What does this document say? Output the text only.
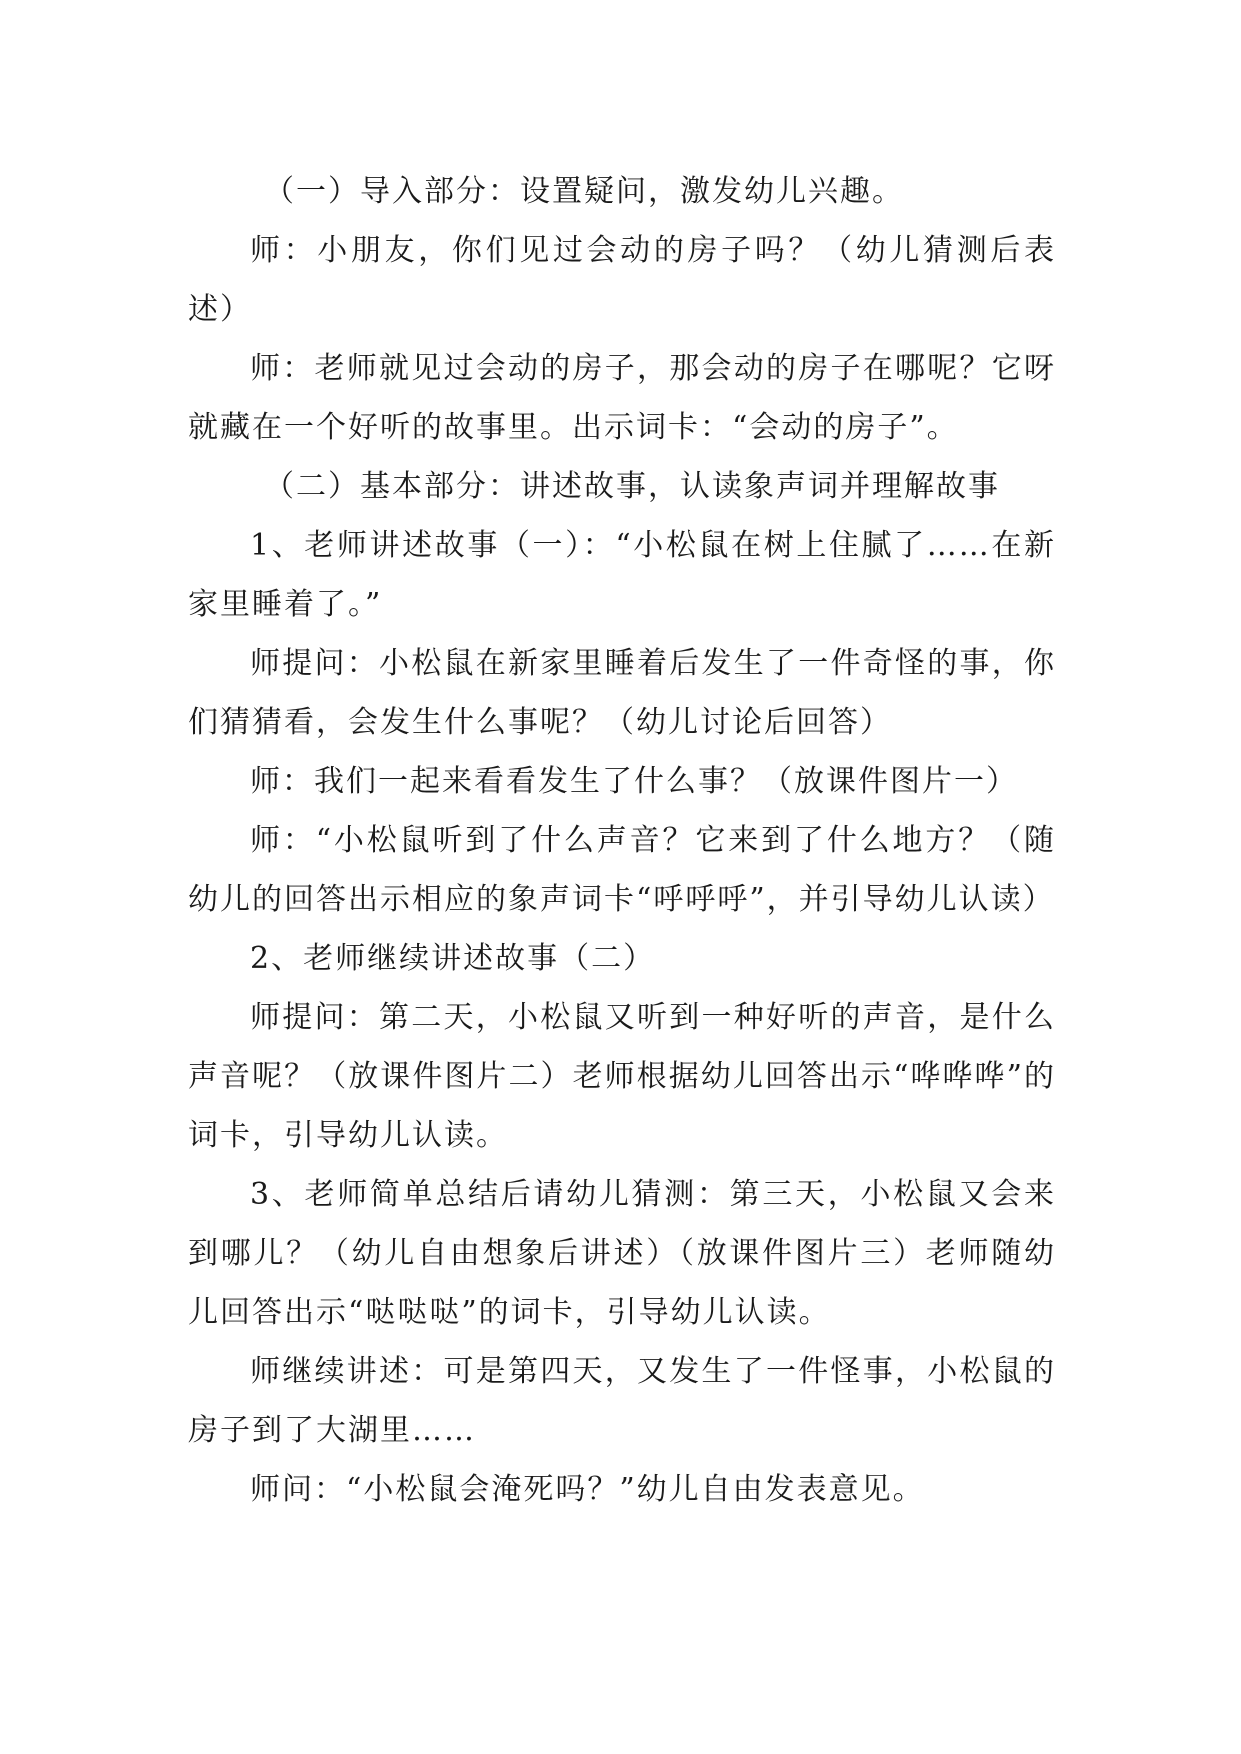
（一）导入部分：设置疑问，激发幼儿兴趣。

师：小朋友，你们见过会动的房子吗？（幼儿猜测后表述）

师：老师就见过会动的房子，那会动的房子在哪呢？它呀就藏在一个好听的故事里。出示词卡：“会动的房子”。

（二）基本部分：讲述故事，认读象声词并理解故事

1、老师讲述故事（一）：“小松鼠在树上住腻了……在新家里睡着了。”

师提问：小松鼠在新家里睡着后发生了一件奇怪的事，你们猜猜看，会发生什么事呢？（幼儿讨论后回答）

师：我们一起来看看发生了什么事？（放课件图片一）

师：“小松鼠听到了什么声音？它来到了什么地方？（随幼儿的回答出示相应的象声词卡“呼呼呼”，并引导幼儿认读）

2、老师继续讲述故事（二）

师提问：第二天，小松鼠又听到一种好听的声音，是什么声音呢？（放课件图片二）老师根据幼儿回答出示“哗哗哗”的词卡，引导幼儿认读。

3、老师简单总结后请幼儿猜测：第三天，小松鼠又会来到哪儿？（幼儿自由想象后讲述）（放课件图片三）老师随幼儿回答出示“哒哒哒”的词卡，引导幼儿认读。

师继续讲述：可是第四天，又发生了一件怪事，小松鼠的房子到了大湖里……

师问：“小松鼠会淹死吗？”幼儿自由发表意见。
